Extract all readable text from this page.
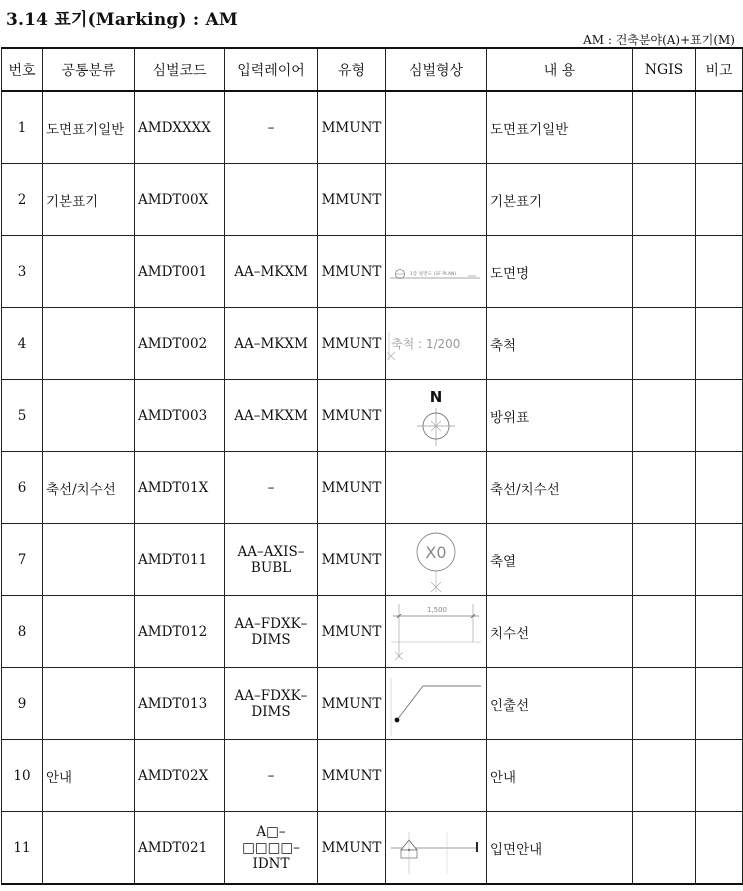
3.14 표기(Marking) : AM
AM : 건축분야(A)+표기(M)
번호	공통분류	심벌코드	입력레이어	유형	심벌형상	내 용	NGIS	비고
1	도면표기일반	AMDXXXX	–	MMUNT		도면표기일반		
2	기본표기	AMDT00X		MMUNT		기본표기		
3		AMDT001	AA–MKXM	MMUNT	1층 평면도 (1F PLAN)	도면명		
4		AMDT002	AA–MKXM	MMUNT	축척 : 1/200	축척		
5		AMDT003	AA–MKXM	MMUNT	N	방위표		
6	축선/치수선	AMDT01X	–	MMUNT		축선/치수선		
7		AMDT011	AA–AXIS–BUBL	MMUNT	X0	축열		
8		AMDT012	AA–FDXK–DIMS	MMUNT	1,500	치수선		
9		AMDT013	AA–FDXK–DIMS	MMUNT		인출선		
10	안내	AMDT02X	–	MMUNT		안내		
11		AMDT021	A□–□□□□–IDNT	MMUNT		입면안내		
